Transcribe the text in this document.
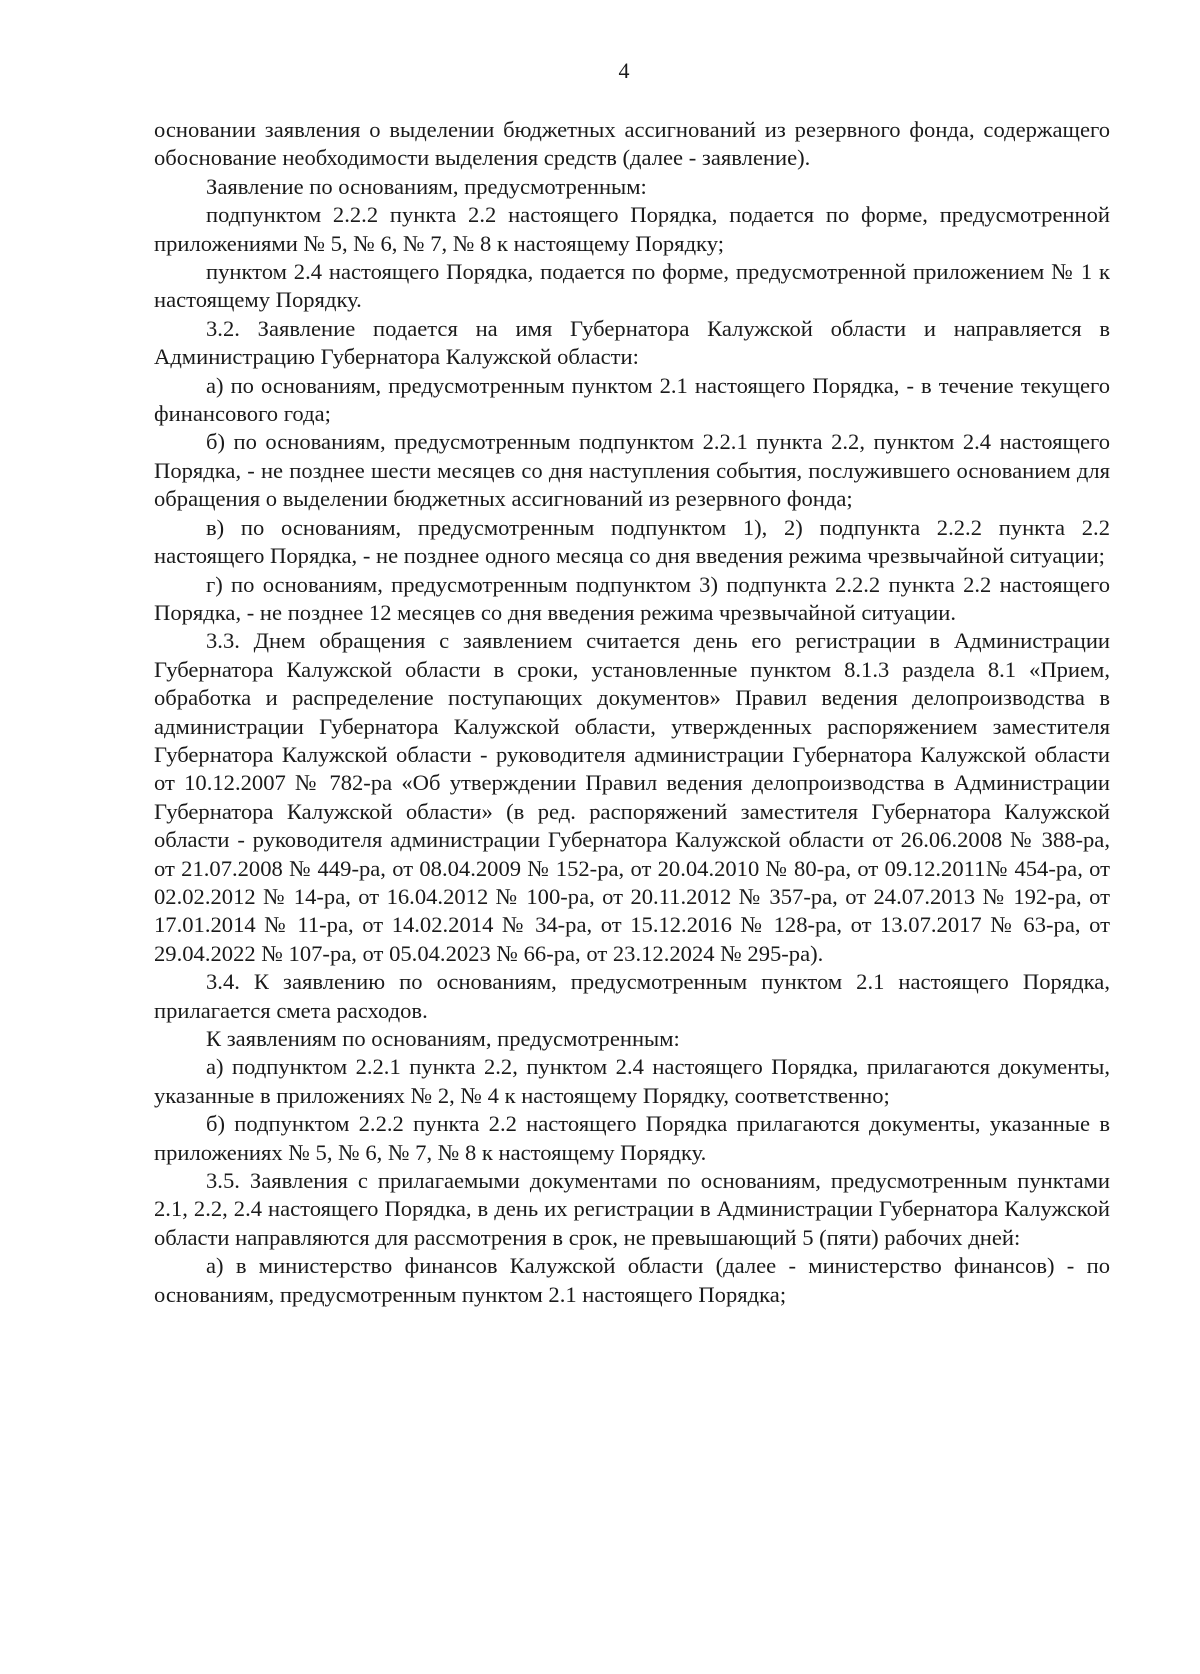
4

основании заявления о выделении бюджетных ассигнований из резервного фонда, содержащего обоснование необходимости выделения средств (далее - заявление).

Заявление по основаниям, предусмотренным:

подпунктом 2.2.2 пункта 2.2 настоящего Порядка, подается по форме, предусмотренной приложениями № 5, № 6, № 7, № 8 к настоящему Порядку;

пунктом 2.4 настоящего Порядка, подается по форме, предусмотренной приложением № 1 к настоящему Порядку.

3.2. Заявление подается на имя Губернатора Калужской области и направляется в Администрацию Губернатора Калужской области:

а) по основаниям, предусмотренным пунктом 2.1 настоящего Порядка, - в течение текущего финансового года;

б) по основаниям, предусмотренным подпунктом 2.2.1 пункта 2.2, пунктом 2.4 настоящего Порядка, - не позднее шести месяцев со дня наступления события, послужившего основанием для обращения о выделении бюджетных ассигнований из резервного фонда;

в) по основаниям, предусмотренным подпунктом 1), 2) подпункта 2.2.2 пункта 2.2 настоящего Порядка, - не позднее одного месяца со дня введения режима чрезвычайной ситуации;

г) по основаниям, предусмотренным подпунктом 3) подпункта 2.2.2 пункта 2.2 настоящего Порядка, - не позднее 12 месяцев со дня введения режима чрезвычайной ситуации.

3.3. Днем обращения с заявлением считается день его регистрации в Администрации Губернатора Калужской области в сроки, установленные пунктом 8.1.3 раздела 8.1 «Прием, обработка и распределение поступающих документов» Правил ведения делопроизводства в администрации Губернатора Калужской области, утвержденных распоряжением заместителя Губернатора Калужской области - руководителя администрации Губернатора Калужской области от 10.12.2007 № 782-ра «Об утверждении Правил ведения делопроизводства в Администрации Губернатора Калужской области» (в ред. распоряжений заместителя Губернатора Калужской области - руководителя администрации Губернатора Калужской области от 26.06.2008 № 388-ра, от 21.07.2008 № 449-ра, от 08.04.2009 № 152-ра, от 20.04.2010 № 80-ра, от 09.12.2011№ 454-ра, от 02.02.2012 № 14-ра, от 16.04.2012 № 100-ра, от 20.11.2012 № 357-ра, от 24.07.2013 № 192-ра, от 17.01.2014 № 11-ра, от 14.02.2014 № 34-ра, от 15.12.2016 № 128-ра, от 13.07.2017 № 63-ра, от 29.04.2022 № 107-ра, от 05.04.2023 № 66-ра, от 23.12.2024 № 295-ра).

3.4. К заявлению по основаниям, предусмотренным пунктом 2.1 настоящего Порядка, прилагается смета расходов.

К заявлениям по основаниям, предусмотренным:

а) подпунктом 2.2.1 пункта 2.2, пунктом 2.4 настоящего Порядка, прилагаются документы, указанные в приложениях № 2, № 4 к настоящему Порядку, соответственно;

б) подпунктом 2.2.2 пункта 2.2 настоящего Порядка прилагаются документы, указанные в приложениях № 5, № 6, № 7, № 8 к настоящему Порядку.

3.5. Заявления с прилагаемыми документами по основаниям, предусмотренным пунктами 2.1, 2.2, 2.4 настоящего Порядка, в день их регистрации в Администрации Губернатора Калужской области направляются для рассмотрения в срок, не превышающий 5 (пяти) рабочих дней:

а) в министерство финансов Калужской области (далее - министерство финансов) - по основаниям, предусмотренным пунктом 2.1 настоящего Порядка;
